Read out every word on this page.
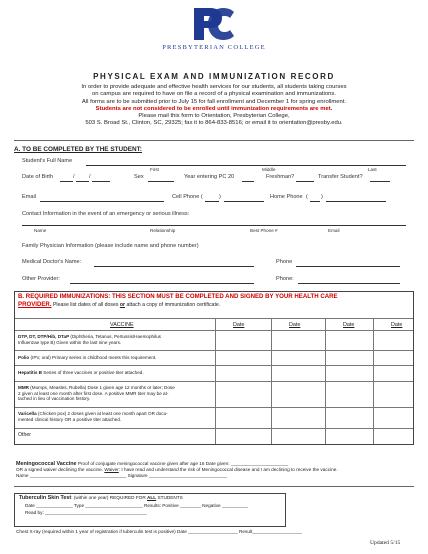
PRESBYTERIAN COLLEGE
PHYSICAL EXAM AND IMMUNIZATION RECORD
In order to provide adequate and effective health services for our students, all students taking courses
on campus are required to have on file a record of a physical examination and immunizations.
All forms are to be submitted prior to July 15 for fall enrollment and December 1 for spring enrollment.
Students are not considered to be enrolled until immunization requirements are met.
Please mail this form to Orientation, Presbyterian College,
503 S. Broad St., Clinton, SC, 29325; fax it to 864-833-8516; or email it to orientation@presby.edu.
A. TO BE COMPLETED BY THE STUDENT:
Student's Full Name
First	Middle	Last
Date of Birth	/	/	Sex	Year entering PC 20	Freshman?	Transfer Student?
Email	Cell Phone (	)	Home Phone ( )
Contact Information in the event of an emergency or serious illness:
Name	Relationship	Best Phone #	Email
Family Physician Information (please include name and phone number)
Medical Doctor's Name:	Phone
Other Provider:	Phone:
B. REQUIRED IMMUNIZATIONS: THIS SECTION MUST BE COMPLETED AND SIGNED BY YOUR HEALTH CARE
PROVIDER. Please list dates of all doses or attach a copy of immunization certificate.
VACCINE	Date	Date	Date	Date
DTP, DT, DTP/Hib, DTaP (Diphtheria, Tetanus, Pertussis/Haemophilus
Influenzae type B) Given within the last nine years.
Polio (IPV, oral) Primary series in childhood meets this requirement.
Hepatitis B Series of three vaccines or positive titer attached.
MMR (Mumps, Measles, Rubella) Dose 1 given age 12 months or later; Dose
2 given at least one month after first dose. A positive MMR titer may be at-
tached in lieu of vaccination history.
Varicella (Chicken pox) 2 doses given at least one month apart OR docu-
mented clinical history OR a positive titer attached.
Other
Meningococcal Vaccine Proof of conjugate meningococcal vaccine given after age 16 Date given: ______________________
OR a signed waiver declining the vaccine. Waiver: I have read and understand the risk of Meningococcal disease and I am declining to receive the vaccine.
Name _____________________________________ Signature ______________________________
Tuberculin Skin Test: (within one year) REQUIRED FOR ALL STUDENTS
Date ______________ Type ______________________ Results: Positive ________ Negative __________
Read by: _______________________________________
Chest X-ray (required within 1 year of registration if tuberculin test is positive) Date ___________________ Result___________________
Updated 5/15
